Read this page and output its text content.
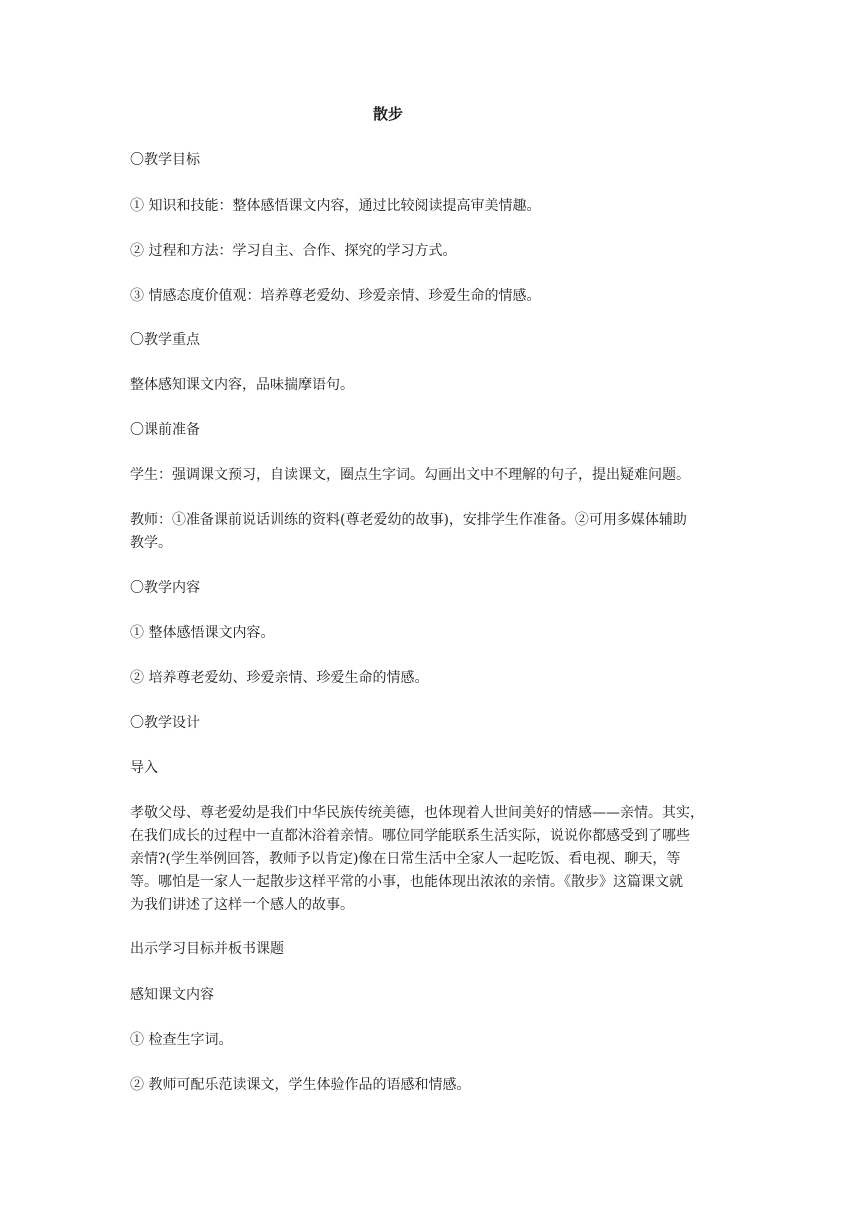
散步

〇教学目标

① 知识和技能：整体感悟课文内容，通过比较阅读提高审美情趣。

② 过程和方法：学习自主、合作、探究的学习方式。

③ 情感态度价值观：培养尊老爱幼、珍爱亲情、珍爱生命的情感。

〇教学重点

整体感知课文内容，品味揣摩语句。

〇课前准备

学生：强调课文预习，自读课文，圈点生字词。勾画出文中不理解的句子，提出疑难问题。

教师：①准备课前说话训练的资料(尊老爱幼的故事)，安排学生作准备。②可用多媒体辅助
教学。

〇教学内容

① 整体感悟课文内容。

② 培养尊老爱幼、珍爱亲情、珍爱生命的情感。

〇教学设计

导入

孝敬父母、尊老爱幼是我们中华民族传统美德，也体现着人世间美好的情感——亲情。其实，
在我们成长的过程中一直都沐浴着亲情。哪位同学能联系生活实际，说说你都感受到了哪些
亲情?(学生举例回答，教师予以肯定)像在日常生活中全家人一起吃饭、看电视、聊天，等
等。哪怕是一家人一起散步这样平常的小事，也能体现出浓浓的亲情。《散步》这篇课文就
为我们讲述了这样一个感人的故事。

出示学习目标并板书课题

感知课文内容

① 检查生字词。

② 教师可配乐范读课文，学生体验作品的语感和情感。
